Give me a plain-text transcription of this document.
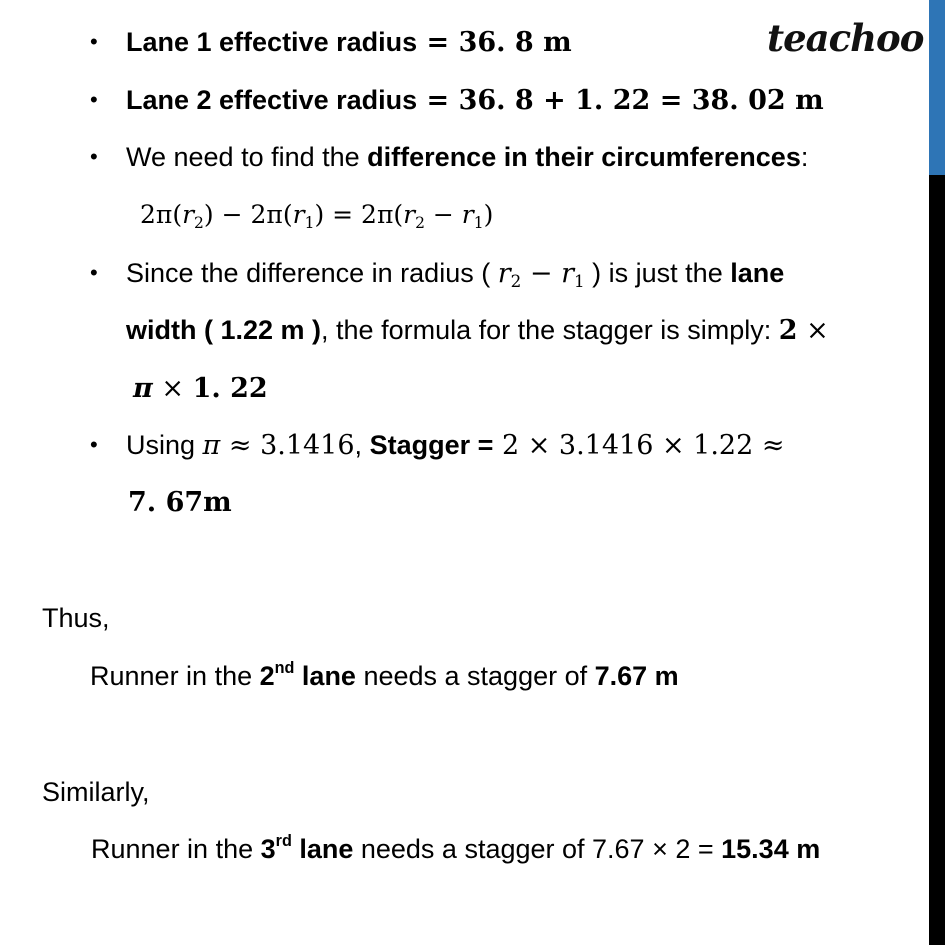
teachoo
• Lane 1 effective radius = 36. 8 m
• Lane 2 effective radius = 36. 8 + 1. 22 = 38. 02 m
• We need to find the difference in their circumferences:
$2\pi(r_2) - 2\pi(r_1) = 2\pi(r_2 - r_1)$
• Since the difference in radius ( $r_2 - r_1$ ) is just the lane
width ( 1.22 m ), the formula for the stagger is simply: 2 ×
π × 1. 22
• Using π ≈ 3.1416, Stagger = 2 × 3.1416 × 1.22 ≈
7. 67m
Thus,
Runner in the 2nd lane needs a stagger of 7.67 m
Similarly,
Runner in the 3rd lane needs a stagger of 7.67 × 2 = 15.34 m
